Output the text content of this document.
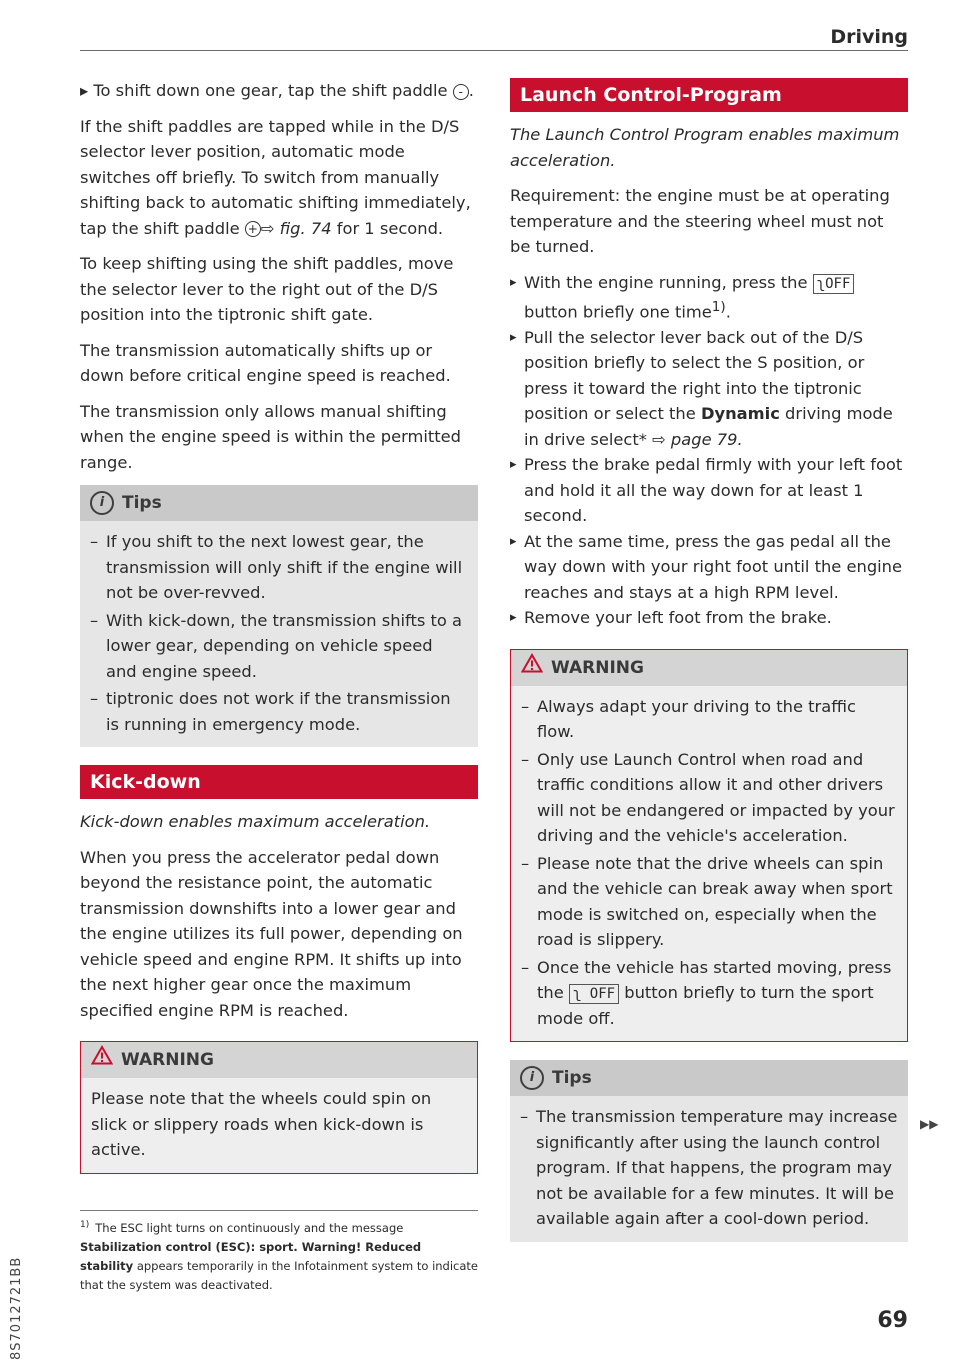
Driving

▸ To shift down one gear, tap the shift paddle - .

If the shift paddles are tapped while in the D/S selector lever position, automatic mode switches off briefly. To switch from manually shifting back to automatic shifting immediately, tap the shift paddle + ⇨ fig. 74 for 1 second.

To keep shifting using the shift paddles, move the selector lever to the right out of the D/S position into the tiptronic shift gate.

The transmission automatically shifts up or down before critical engine speed is reached.

The transmission only allows manual shifting when the engine speed is within the permitted range.

i Tips
– If you shift to the next lowest gear, the transmission will only shift if the engine will not be over-revved.
– With kick-down, the transmission shifts to a lower gear, depending on vehicle speed and engine speed.
– tiptronic does not work if the transmission is running in emergency mode.
Kick-down

Kick-down enables maximum acceleration.

When you press the accelerator pedal down beyond the resistance point, the automatic transmission downshifts into a lower gear and the engine utilizes its full power, depending on vehicle speed and engine RPM. It shifts up into the next higher gear once the maximum specified engine RPM is reached.

WARNING
Please note that the wheels could spin on slick or slippery roads when kick-down is active.
Launch Control-Program

The Launch Control Program enables maximum acceleration.

Requirement: the engine must be at operating temperature and the steering wheel must not be turned.

▸ With the engine running, press the ʅOFF button briefly one time$^{1)}$.

▸ Pull the selector lever back out of the D/S position briefly to select the S position, or press it toward the right into the tiptronic position or select the Dynamic driving mode in drive select* ⇨ page 79.

▸ Press the brake pedal firmly with your left foot and hold it all the way down for at least 1 second.

▸ At the same time, press the gas pedal all the way down with your right foot until the engine reaches and stays at a high RPM level.

▸ Remove your left foot from the brake.

WARNING
– Always adapt your driving to the traffic flow.
– Only use Launch Control when road and traffic conditions allow it and other drivers will not be endangered or impacted by your driving and the vehicle's acceleration.
– Please note that the drive wheels can spin and the vehicle can break away when sport mode is switched on, especially when the road is slippery.
– Once the vehicle has started moving, press the ʅ OFF button briefly to turn the sport mode off.
i Tips
– The transmission temperature may increase significantly after using the launch control program. If that happens, the program may not be available for a few minutes. It will be available again after a cool-down period.
▶▶
$^{1)}$ The ESC light turns on continuously and the message Stabilization control (ESC): sport. Warning! Reduced stability appears temporarily in the Infotainment system to indicate that the system was deactivated.
8S7012721BB	69
